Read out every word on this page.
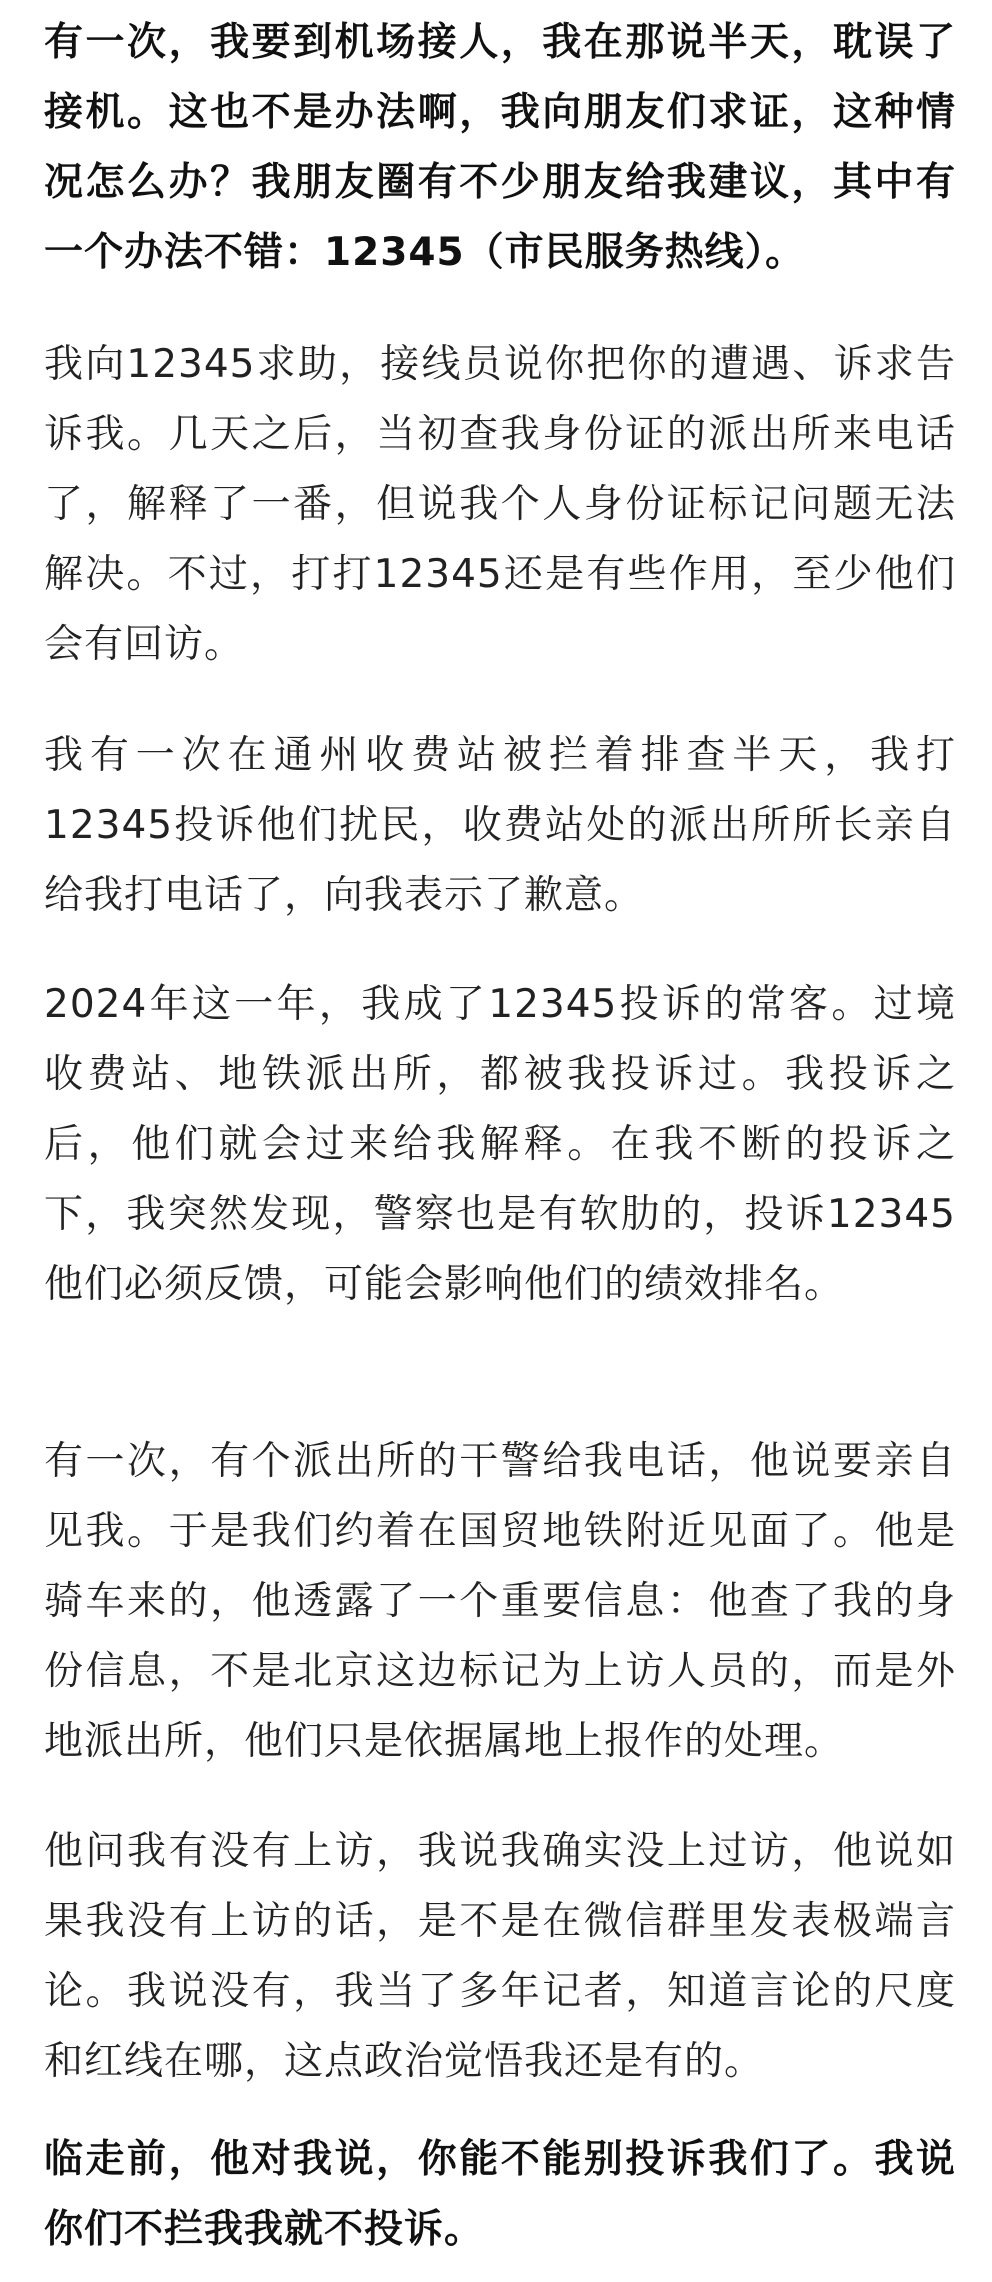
有一次，我要到机场接人，我在那说半天，耽误了接机。这也不是办法啊，我向朋友们求证，这种情况怎么办？我朋友圈有不少朋友给我建议，其中有一个办法不错：12345（市民服务热线）。

我向12345求助，接线员说你把你的遭遇、诉求告诉我。几天之后，当初查我身份证的派出所来电话了，解释了一番，但说我个人身份证标记问题无法解决。不过，打打12345还是有些作用，至少他们会有回访。

我有一次在通州收费站被拦着排查半天，我打12345投诉他们扰民，收费站处的派出所所长亲自给我打电话了，向我表示了歉意。

2024年这一年，我成了12345投诉的常客。过境收费站、地铁派出所，都被我投诉过。我投诉之后，他们就会过来给我解释。在我不断的投诉之下，我突然发现，警察也是有软肋的，投诉12345他们必须反馈，可能会影响他们的绩效排名。

有一次，有个派出所的干警给我电话，他说要亲自见我。于是我们约着在国贸地铁附近见面了。他是骑车来的，他透露了一个重要信息：他查了我的身份信息，不是北京这边标记为上访人员的，而是外地派出所，他们只是依据属地上报作的处理。

他问我有没有上访，我说我确实没上过访，他说如果我没有上访的话，是不是在微信群里发表极端言论。我说没有，我当了多年记者，知道言论的尺度和红线在哪，这点政治觉悟我还是有的。

临走前，他对我说，你能不能别投诉我们了。我说你们不拦我我就不投诉。
